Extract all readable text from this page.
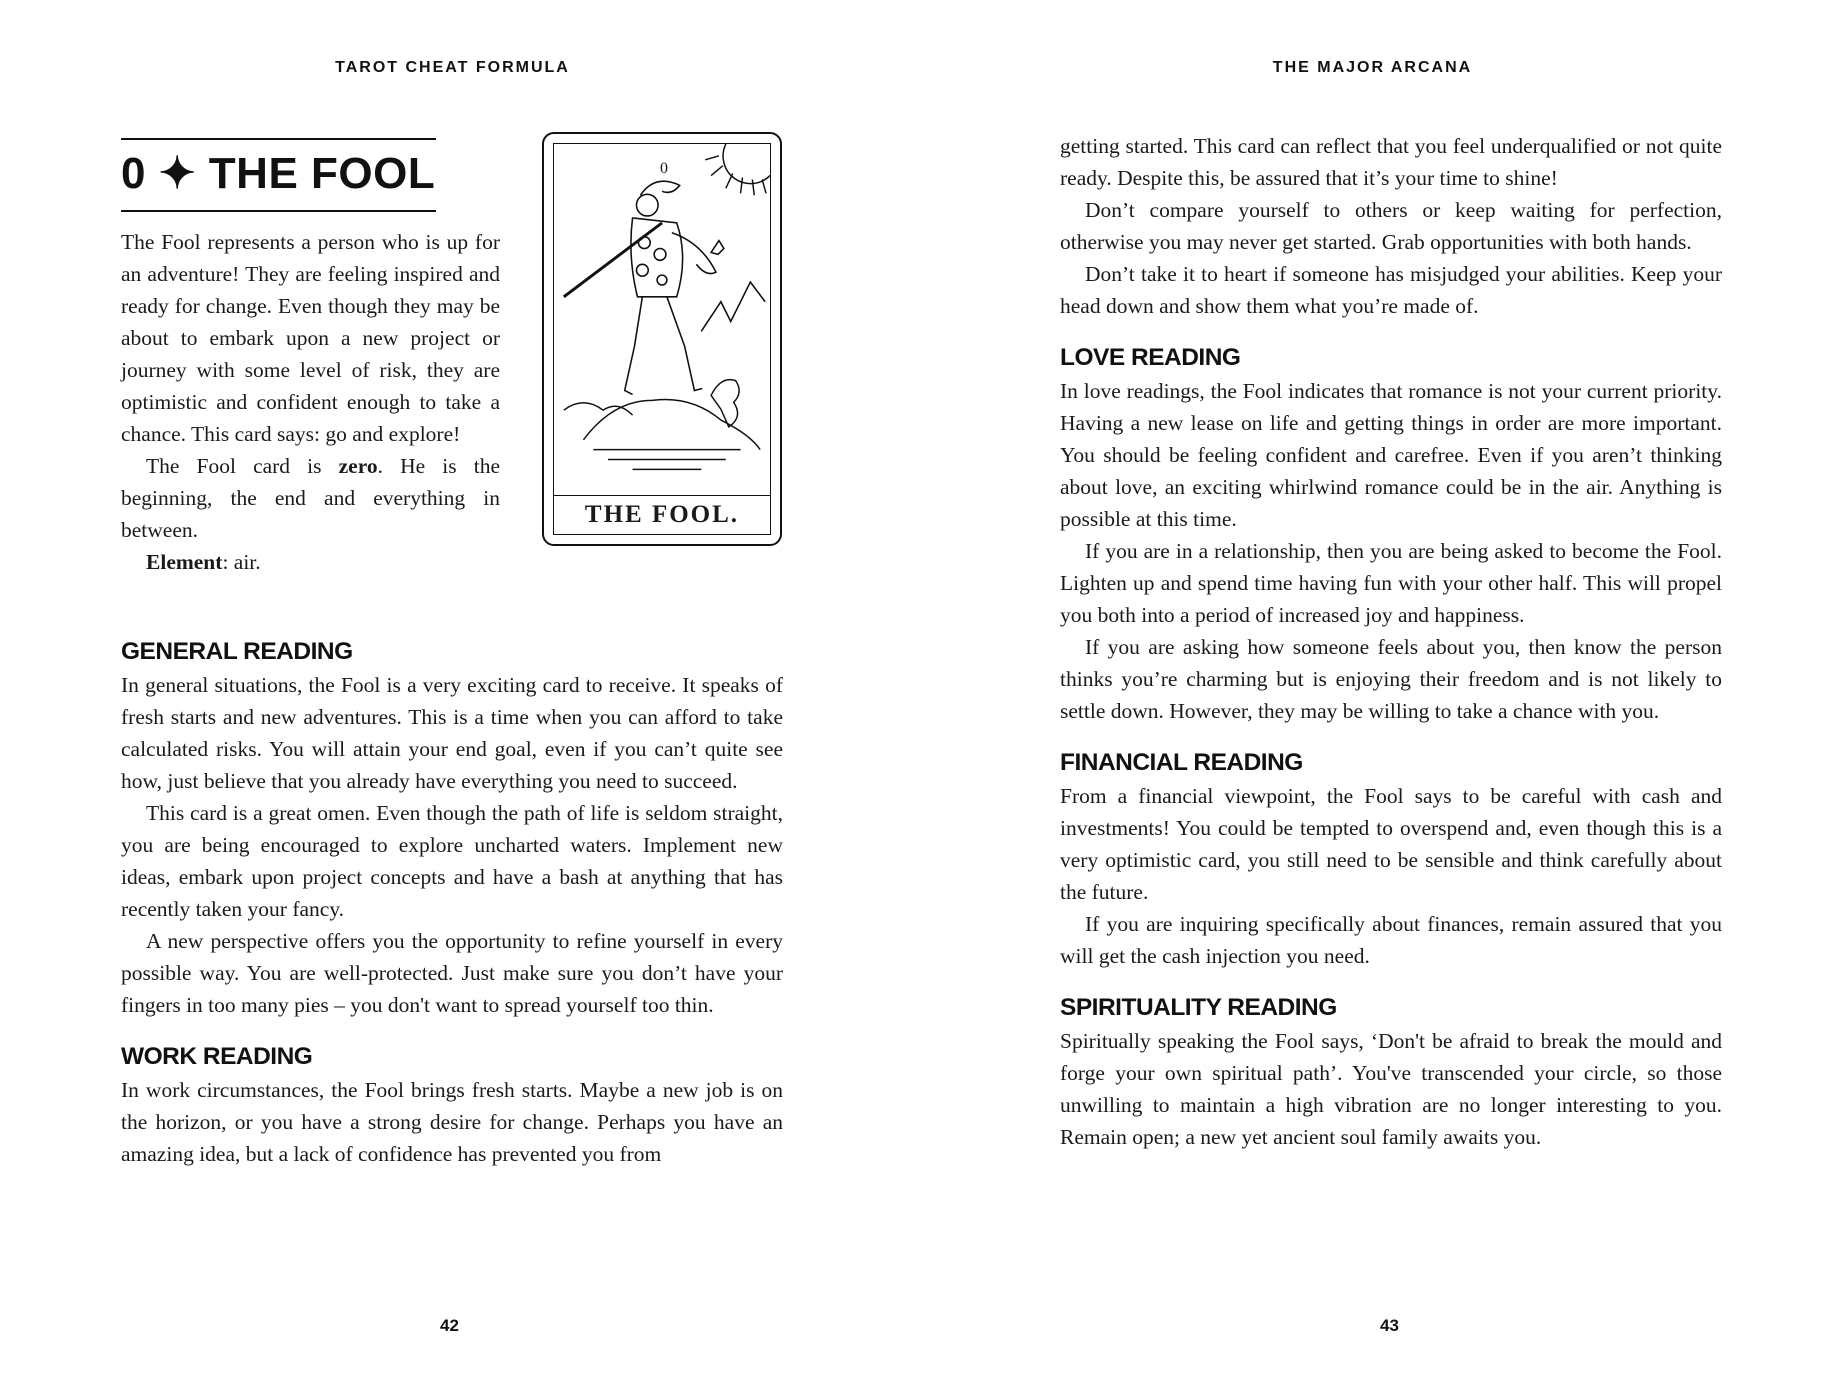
TAROT CHEAT FORMULA
0 ✦ THE FOOL

The Fool represents a person who is up for an adventure! They are feeling inspired and ready for change. Even though they may be about to embark upon a new project or journey with some level of risk, they are optimistic and confident enough to take a chance. This card says: go and explore!

The Fool card is zero. He is the beginning, the end and everything in between.

Element: air.

0
THE FOOL.
GENERAL READING

In general situations, the Fool is a very exciting card to receive. It speaks of fresh starts and new adventures. This is a time when you can afford to take calculated risks. You will attain your end goal, even if you can’t quite see how, just believe that you already have everything you need to succeed.

This card is a great omen. Even though the path of life is seldom straight, you are being encouraged to explore uncharted waters. Implement new ideas, embark upon project concepts and have a bash at anything that has recently taken your fancy.

A new perspective offers you the opportunity to refine yourself in every possible way. You are well-protected. Just make sure you don’t have your fingers in too many pies – you don't want to spread yourself too thin.

WORK READING

In work circumstances, the Fool brings fresh starts. Maybe a new job is on the horizon, or you have a strong desire for change. Perhaps you have an amazing idea, but a lack of confidence has prevented you from

42
THE MAJOR ARCANA
43

getting started. This card can reflect that you feel underqualified or not quite ready. Despite this, be assured that it’s your time to shine!

Don’t compare yourself to others or keep waiting for perfection, otherwise you may never get started. Grab opportunities with both hands.

Don’t take it to heart if someone has misjudged your abilities. Keep your head down and show them what you’re made of.

LOVE READING

In love readings, the Fool indicates that romance is not your current priority. Having a new lease on life and getting things in order are more important. You should be feeling confident and carefree. Even if you aren’t thinking about love, an exciting whirlwind romance could be in the air. Anything is possible at this time.

If you are in a relationship, then you are being asked to become the Fool. Lighten up and spend time having fun with your other half. This will propel you both into a period of increased joy and happiness.

If you are asking how someone feels about you, then know the person thinks you’re charming but is enjoying their freedom and is not likely to settle down. However, they may be willing to take a chance with you.

FINANCIAL READING

From a financial viewpoint, the Fool says to be careful with cash and investments! You could be tempted to overspend and, even though this is a very optimistic card, you still need to be sensible and think carefully about the future.

If you are inquiring specifically about finances, remain assured that you will get the cash injection you need.

SPIRITUALITY READING

Spiritually speaking the Fool says, ‘Don't be afraid to break the mould and forge your own spiritual path’. You've transcended your circle, so those unwilling to maintain a high vibration are no longer interesting to you. Remain open; a new yet ancient soul family awaits you.
